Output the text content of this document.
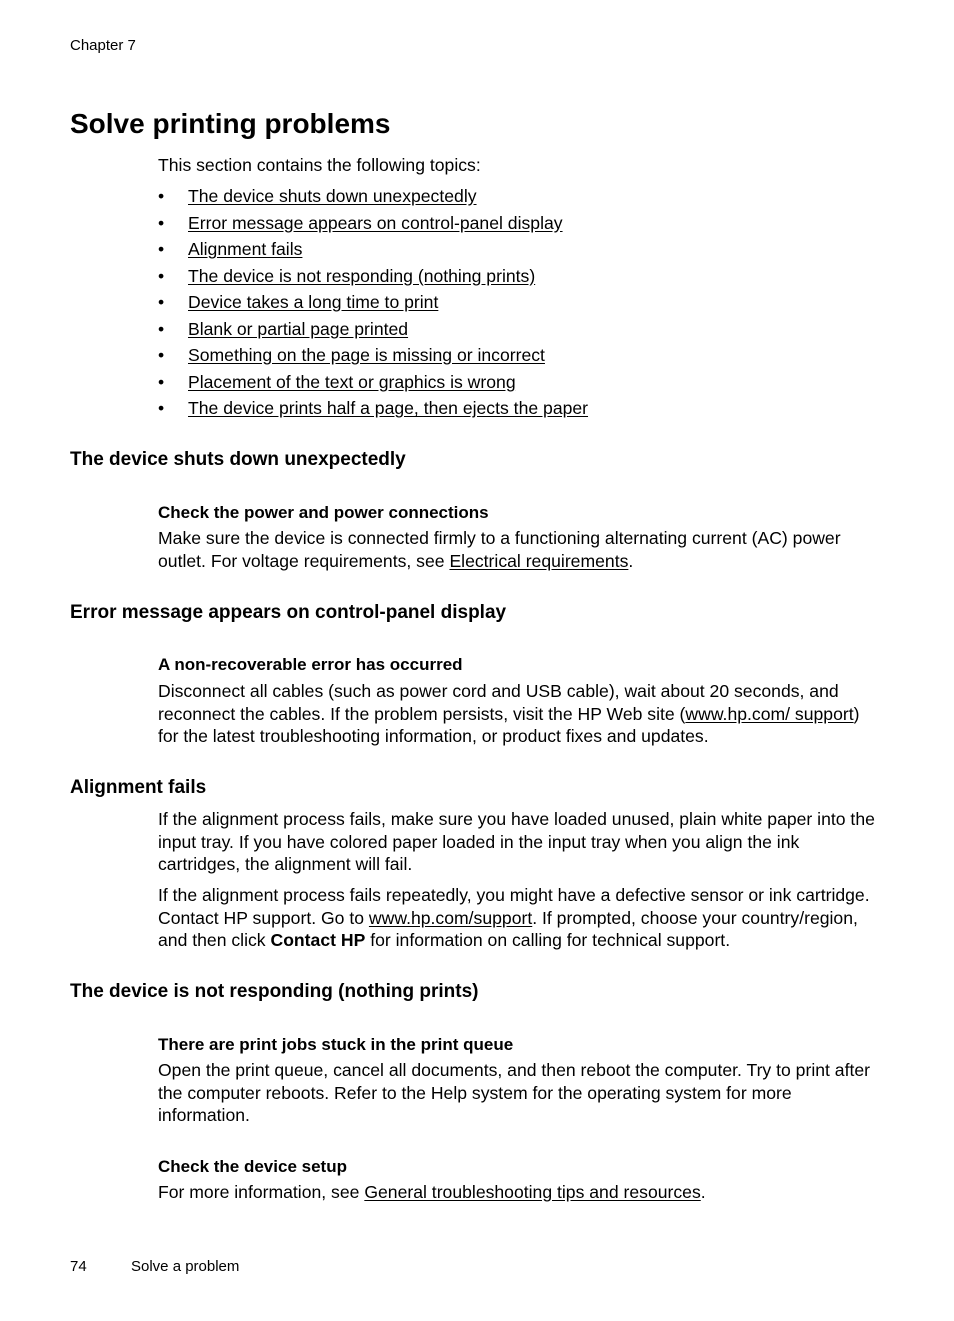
Chapter 7
Solve printing problems
This section contains the following topics:
• The device shuts down unexpectedly
• Error message appears on control-panel display
• Alignment fails
• The device is not responding (nothing prints)
• Device takes a long time to print
• Blank or partial page printed
• Something on the page is missing or incorrect
• Placement of the text or graphics is wrong
• The device prints half a page, then ejects the paper
The device shuts down unexpectedly
Check the power and power connections

Make sure the device is connected firmly to a functioning alternating current (AC) power outlet. For voltage requirements, see Electrical requirements.

Error message appears on control-panel display
A non-recoverable error has occurred

Disconnect all cables (such as power cord and USB cable), wait about 20 seconds, and reconnect the cables. If the problem persists, visit the HP Web site (www.hp.com/ support) for the latest troubleshooting information, or product fixes and updates.

Alignment fails

If the alignment process fails, make sure you have loaded unused, plain white paper into the input tray. If you have colored paper loaded in the input tray when you align the ink cartridges, the alignment will fail.

If the alignment process fails repeatedly, you might have a defective sensor or ink cartridge. Contact HP support. Go to www.hp.com/support. If prompted, choose your country/region, and then click Contact HP for information on calling for technical support.

The device is not responding (nothing prints)
There are print jobs stuck in the print queue

Open the print queue, cancel all documents, and then reboot the computer. Try to print after the computer reboots. Refer to the Help system for the operating system for more information.

Check the device setup

For more information, see General troubleshooting tips and resources.

74	Solve a problem
